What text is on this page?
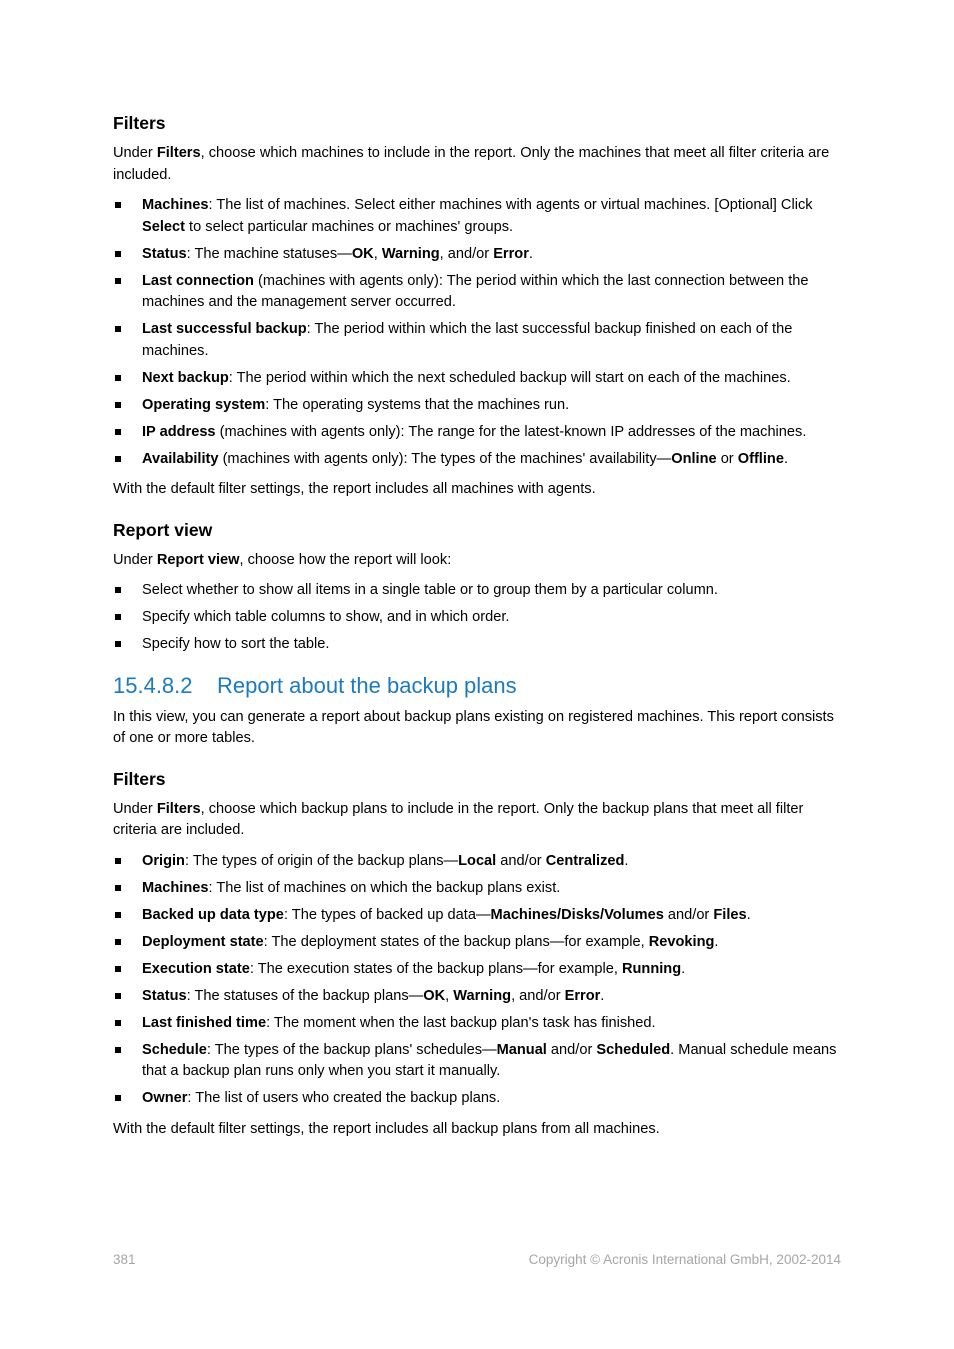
Filters

Under Filters, choose which machines to include in the report. Only the machines that meet all filter criteria are included.

Machines: The list of machines. Select either machines with agents or virtual machines. [Optional] Click Select to select particular machines or machines' groups.
Status: The machine statuses—OK, Warning, and/or Error.
Last connection (machines with agents only): The period within which the last connection between the machines and the management server occurred.
Last successful backup: The period within which the last successful backup finished on each of the machines.
Next backup: The period within which the next scheduled backup will start on each of the machines.
Operating system: The operating systems that the machines run.
IP address (machines with agents only): The range for the latest-known IP addresses of the machines.
Availability (machines with agents only): The types of the machines' availability—Online or Offline.

With the default filter settings, the report includes all machines with agents.

Report view

Under Report view, choose how the report will look:

Select whether to show all items in a single table or to group them by a particular column.
Specify which table columns to show, and in which order.
Specify how to sort the table.
15.4.8.2	Report about the backup plans

In this view, you can generate a report about backup plans existing on registered machines. This report consists of one or more tables.

Filters

Under Filters, choose which backup plans to include in the report. Only the backup plans that meet all filter criteria are included.

Origin: The types of origin of the backup plans—Local and/or Centralized.
Machines: The list of machines on which the backup plans exist.
Backed up data type: The types of backed up data—Machines/Disks/Volumes and/or Files.
Deployment state: The deployment states of the backup plans—for example, Revoking.
Execution state: The execution states of the backup plans—for example, Running.
Status: The statuses of the backup plans—OK, Warning, and/or Error.
Last finished time: The moment when the last backup plan's task has finished.
Schedule: The types of the backup plans' schedules—Manual and/or Scheduled. Manual schedule means that a backup plan runs only when you start it manually.
Owner: The list of users who created the backup plans.

With the default filter settings, the report includes all backup plans from all machines.

381	Copyright © Acronis International GmbH, 2002-2014
